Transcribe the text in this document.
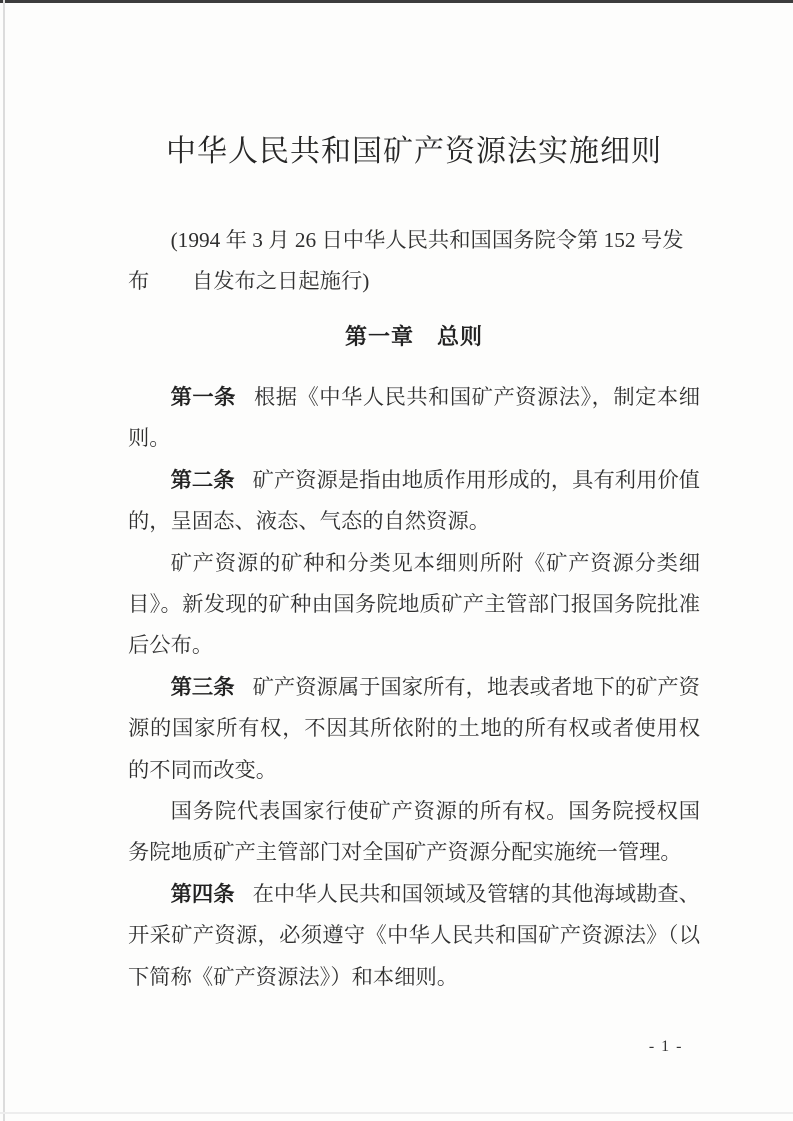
中华人民共和国矿产资源法实施细则
(1994 年 3 月 26 日中华人民共和国国务院令第 152 号发
布　　自发布之日起施行)
第一章　总则

第一条 根据《中华人民共和国矿产资源法》，制定本细则。

第二条 矿产资源是指由地质作用形成的，具有利用价值的，呈固态、液态、气态的自然资源。

矿产资源的矿种和分类见本细则所附《矿产资源分类细目》。新发现的矿种由国务院地质矿产主管部门报国务院批准后公布。

第三条 矿产资源属于国家所有，地表或者地下的矿产资源的国家所有权，不因其所依附的土地的所有权或者使用权的不同而改变。

国务院代表国家行使矿产资源的所有权。国务院授权国务院地质矿产主管部门对全国矿产资源分配实施统一管理。

第四条 在中华人民共和国领域及管辖的其他海域勘查、开采矿产资源，必须遵守《中华人民共和国矿产资源法》（以下简称《矿产资源法》）和本细则。

- 1 -
